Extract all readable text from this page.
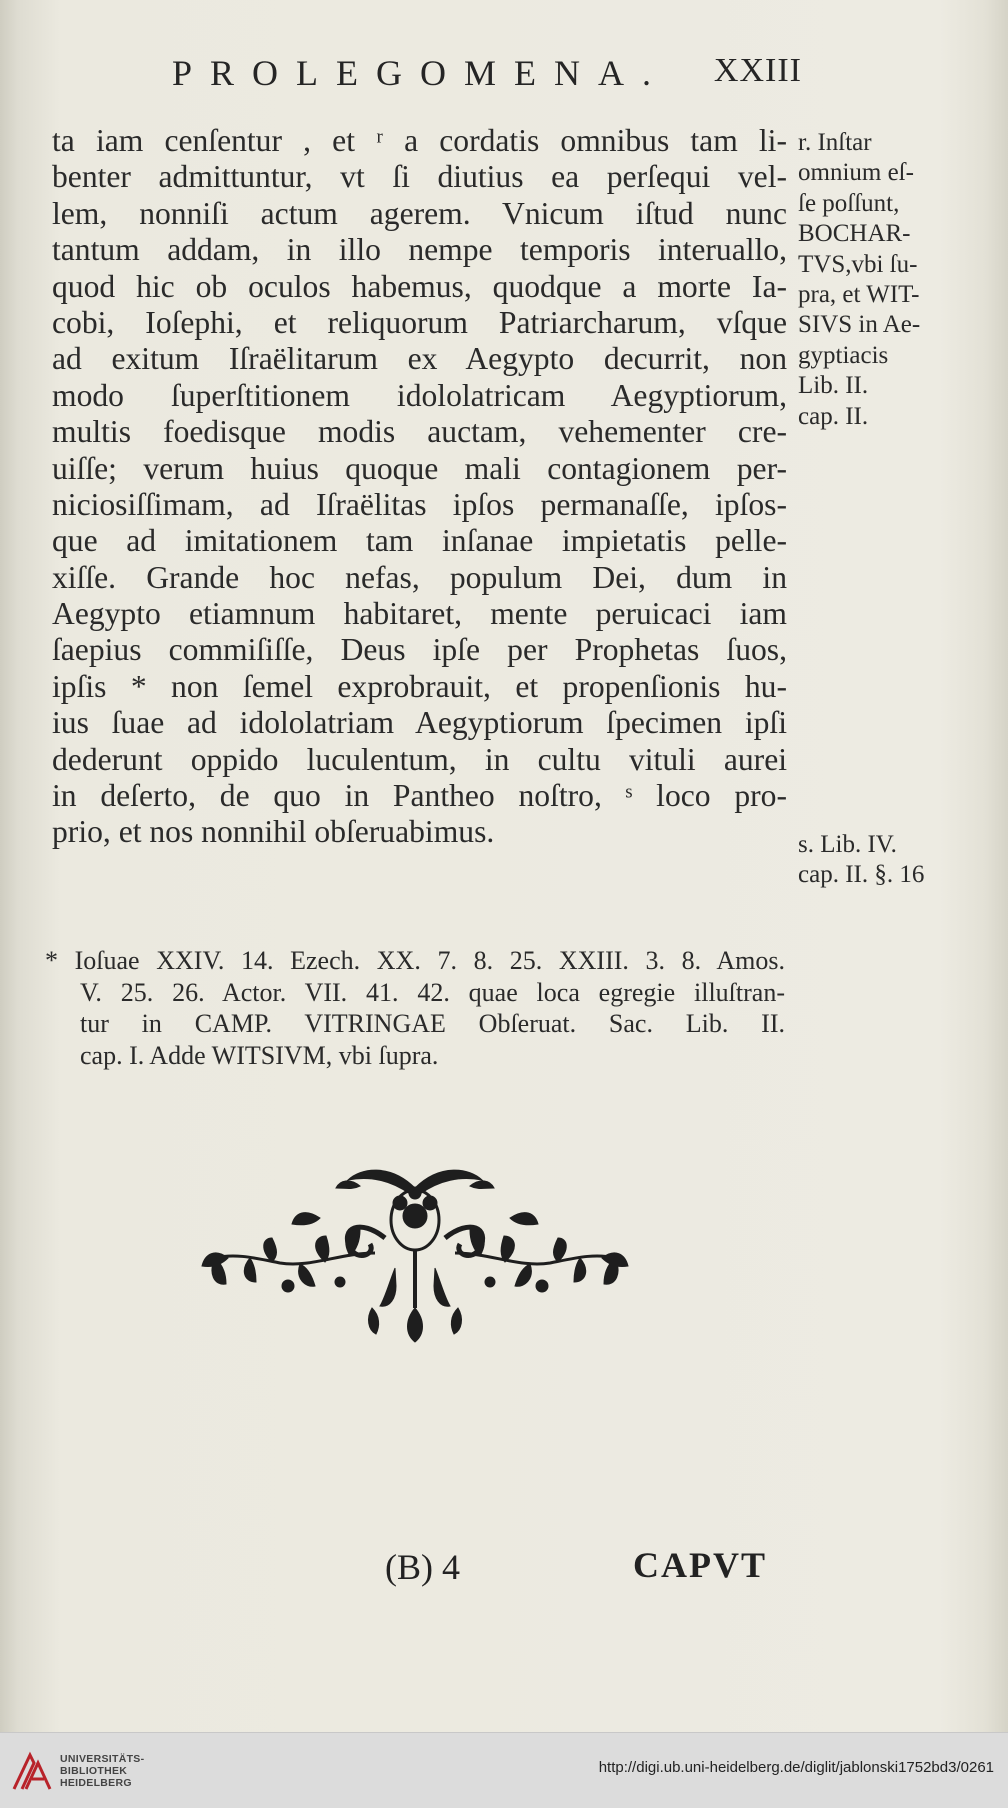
PROLEGOMENA. XXIII
ta iam cenſentur , et ʳ a cordatis omnibus tam li-
benter admittuntur, vt ſi diutius ea perſequi vel-
lem, nonniſi actum agerem. Vnicum iſtud nunc
tantum addam, in illo nempe temporis interuallo,
quod hic ob oculos habemus, quodque a morte Ia-
cobi, Ioſephi, et reliquorum Patriarcharum, vſque
ad exitum Iſraëlitarum ex Aegypto decurrit, non
modo ſuperſtitionem idololatricam Aegyptiorum,
multis foedisque modis auctam, vehementer cre-
uiſſe; verum huius quoque mali contagionem per-
niciosiſſimam, ad Iſraëlitas ipſos permanaſſe, ipſos-
que ad imitationem tam inſanae impietatis pelle-
xiſſe. Grande hoc nefas, populum Dei, dum in
Aegypto etiamnum habitaret, mente peruicaci iam
ſaepius commiſiſſe, Deus ipſe per Prophetas ſuos,
ipſis * non ſemel exprobrauit, et propenſionis hu-
ius ſuae ad idololatriam Aegyptiorum ſpecimen ipſi
dederunt oppido luculentum, in cultu vituli aurei
in deſerto, de quo in Pantheo noſtro, ˢ loco pro-
prio, et nos nonnihil obſeruabimus.
r. Inſtar
omnium eſ-
ſe poſſunt,
BOCHAR-
TVS,vbi ſu-
pra, et WIT-
SIVS in Ae-
gyptiacis
Lib. II.
cap. II.
s. Lib. IV.
cap. II. §. 16
* Ioſuae XXIV. 14. Ezech. XX. 7. 8. 25. XXIII. 3. 8. Amos.
V. 25. 26. Actor. VII. 41. 42. quae loca egregie illuſtran-
tur in CAMP. VITRINGAE Obſeruat. Sac. Lib. II.
cap. I. Adde WITSIVM, vbi ſupra.
(B) 4	CAPVT
UNIVERSITÄTS-
BIBLIOTHEK
HEIDELBERG
http://digi.ub.uni-heidelberg.de/diglit/jablonski1752bd3/0261
